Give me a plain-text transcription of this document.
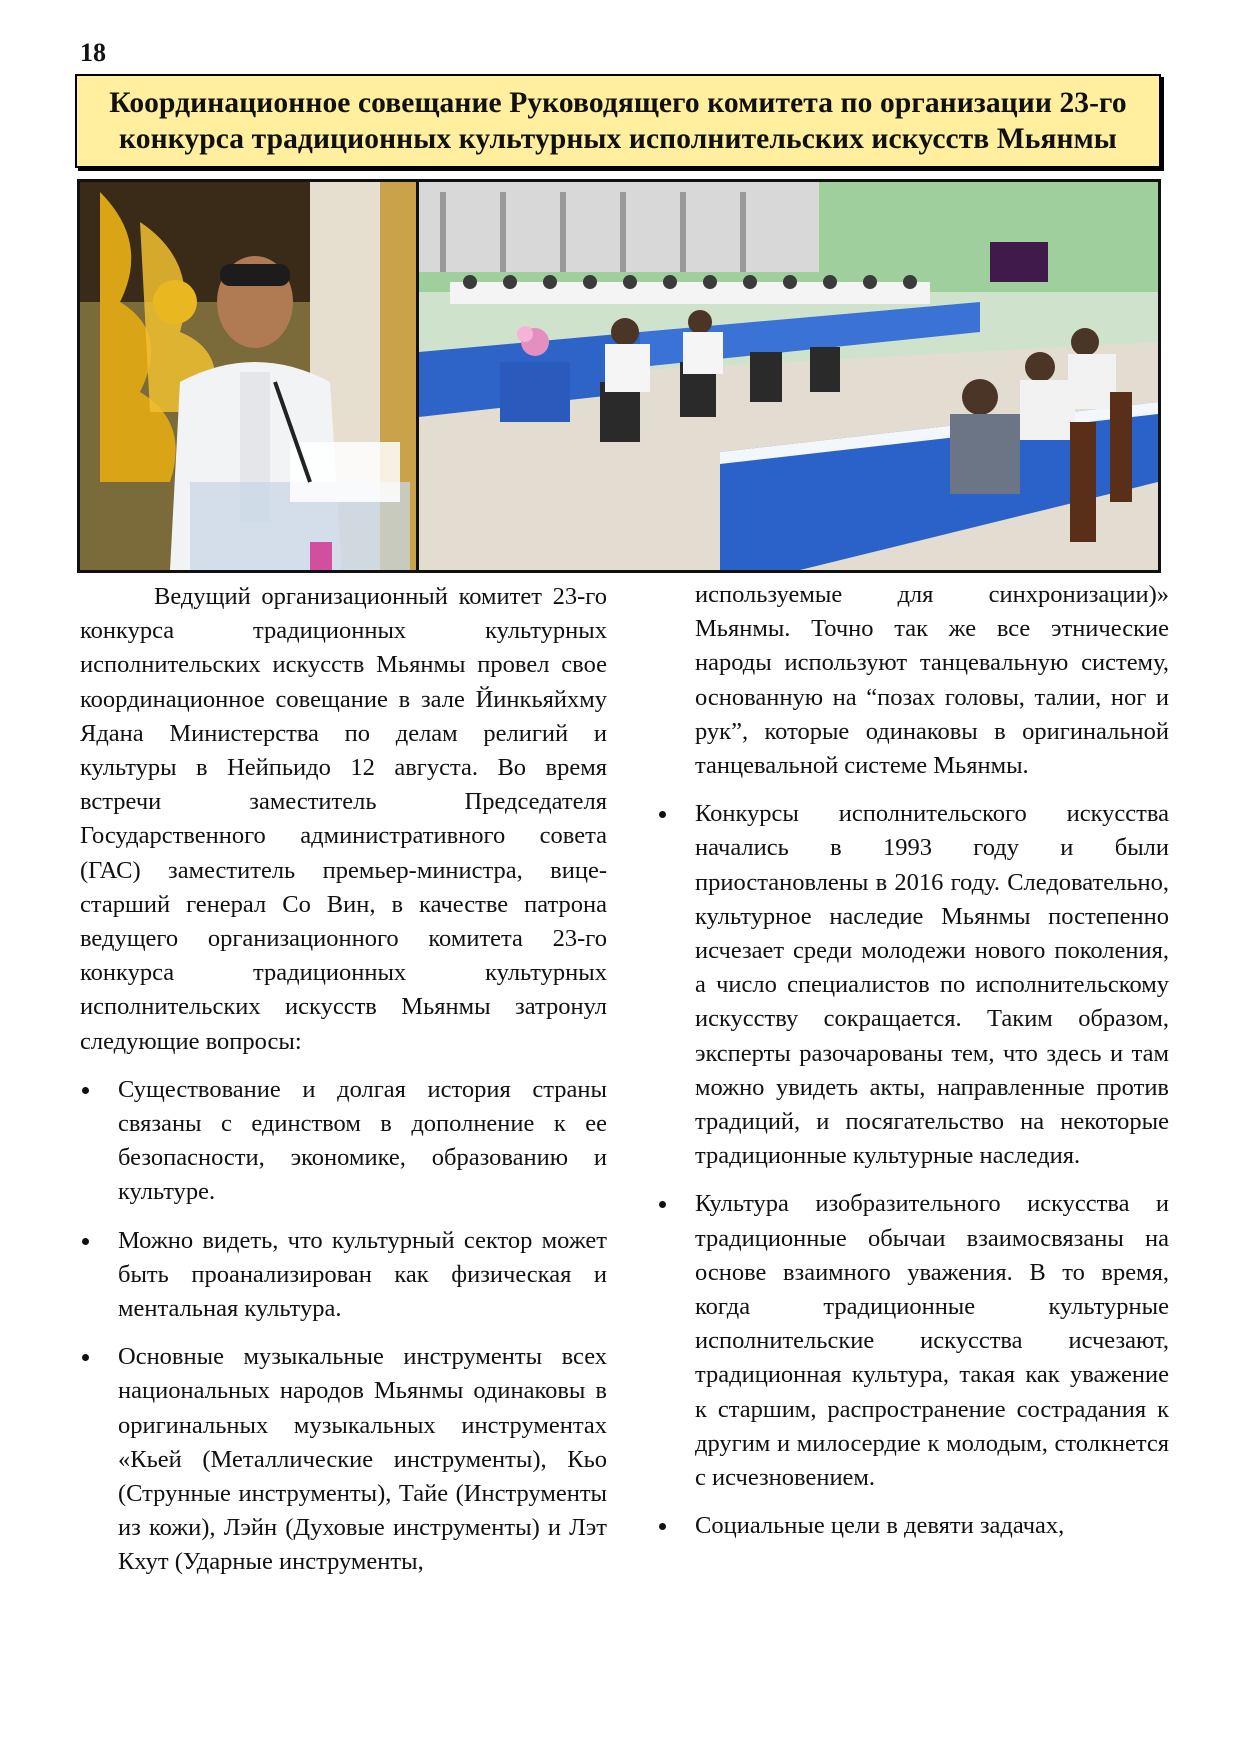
18
Координационное совещание Руководящего комитета по организации 23-го конкурса традиционных культурных исполнительских искусств Мьянмы

Ведущий организационный комитет 23-го конкурса традиционных культурных исполнительских искусств Мьянмы провел свое координационное совещание в зале Йинкьяйхму Ядана Министерства по делам религий и культуры в Нейпьидо 12 августа. Во время встречи заместитель Председателя Государственного административного совета (ГАС) заместитель премьер-министра, вице-старший генерал Со Вин, в качестве патрона ведущего организационного комитета 23-го конкурса традиционных культурных исполнительских искусств Мьянмы затронул следующие вопросы:

Существование и долгая история страны связаны с единством в дополнение к ее безопасности, экономике, образованию и культуре.
Можно видеть, что культурный сектор может быть проанализирован как физическая и ментальная культура.
Основные музыкальные инструменты всех национальных народов Мьянмы одинаковы в оригинальных музыкальных инструментах «Кьей (Металлические инструменты), Кьо (Струнные инструменты), Тайе (Инструменты из кожи), Лэйн (Духовые инструменты) и Лэт Кхут (Ударные инструменты,

используемые для синхронизации)» Мьянмы. Точно так же все этнические народы используют танцевальную систему, основанную на “позах головы, талии, ног и рук”, которые одинаковы в оригинальной танцевальной системе Мьянмы.

Конкурсы исполнительского искусства начались в 1993 году и были приостановлены в 2016 году. Следовательно, культурное наследие Мьянмы постепенно исчезает среди молодежи нового поколения, а число специалистов по исполнительскому искусству сокращается. Таким образом, эксперты разочарованы тем, что здесь и там можно увидеть акты, направленные против традиций, и посягательство на некоторые традиционные культурные наследия.
Культура изобразительного искусства и традиционные обычаи взаимосвязаны на основе взаимного уважения. В то время, когда традиционные культурные исполнительские искусства исчезают, традиционная культура, такая как уважение к старшим, распространение сострадания к другим и милосердие к молодым, столкнется с исчезновением.
Социальные цели в девяти задачах,
